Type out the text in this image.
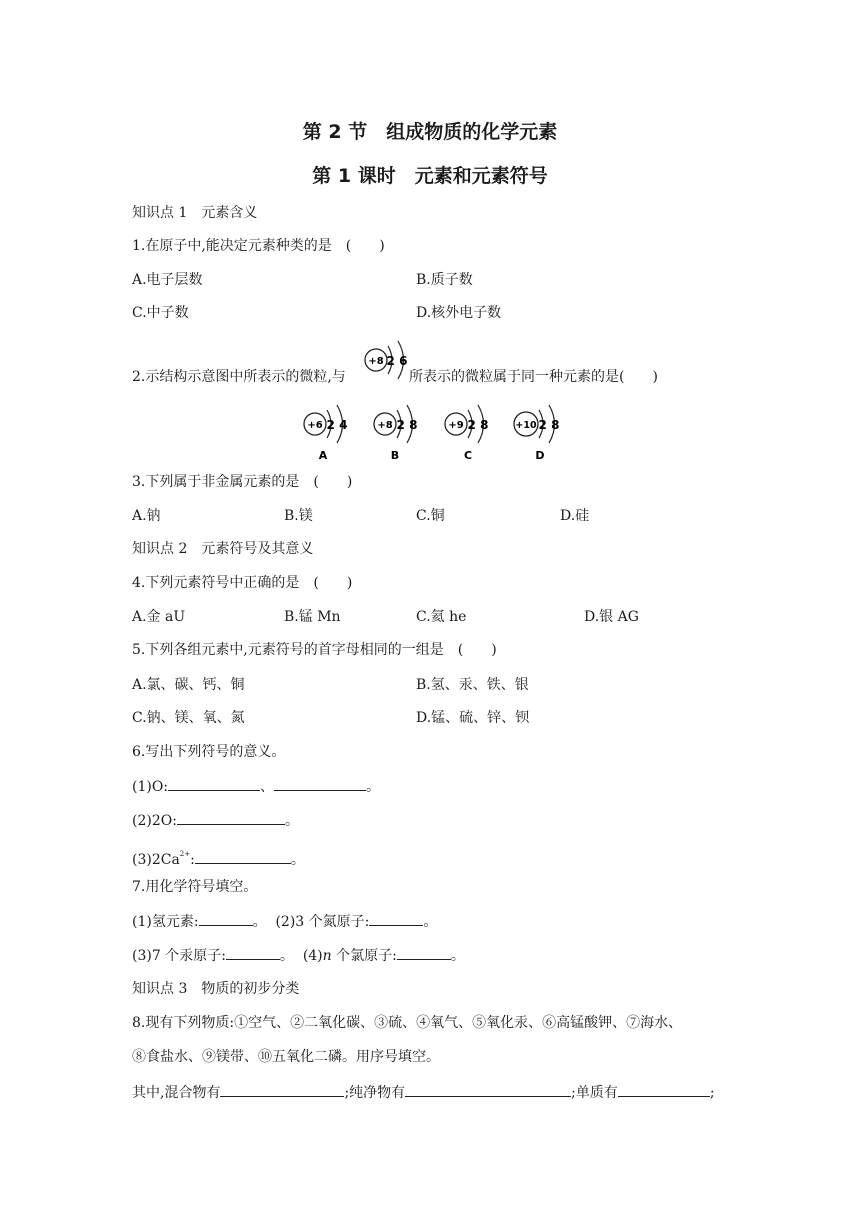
第 2 节　组成物质的化学元素
第 1 课时　元素和元素符号
知识点 1　元素含义
1.在原子中,能决定元素种类的是　(　　)
A.电子层数	B.质子数
C.中子数	D.核外电子数
2.示结构示意图中所表示的微粒,与
+8 2 6
所表示的微粒属于同一种元素的是(　　)
+6 2 4
A
+8 2 8
B
+9 2 8
C
+10 2 8
D
3.下列属于非金属元素的是　(　　)
A.钠	B.镁	C.铜	D.硅
知识点 2　元素符号及其意义
4.下列元素符号中正确的是　(　　)
A.金 aU	B.锰 Mn	C.氦 he	D.银 AG
5.下列各组元素中,元素符号的首字母相同的一组是　(　　)
A.氯、碳、钙、铜	B.氢、汞、铁、银
C.钠、镁、氧、氮	D.锰、硫、锌、钡
6.写出下列符号的意义。
(1)O:	、	。
(2)2O:	。
$(3)2Ca^{2+}$:	。
7.用化学符号填空。
(1)氢元素:	。 (2)3 个氮原子:	。
(3)7 个汞原子:	。 (4)n 个氯原子:	。
知识点 3　物质的初步分类
8.现有下列物质:①空气、②二氧化碳、③硫、④氧气、⑤氧化汞、⑥高锰酸钾、⑦海水、
⑧食盐水、⑨镁带、⑩五氧化二磷。用序号填空。
其中,混合物有	;纯净物有	;单质有	;
